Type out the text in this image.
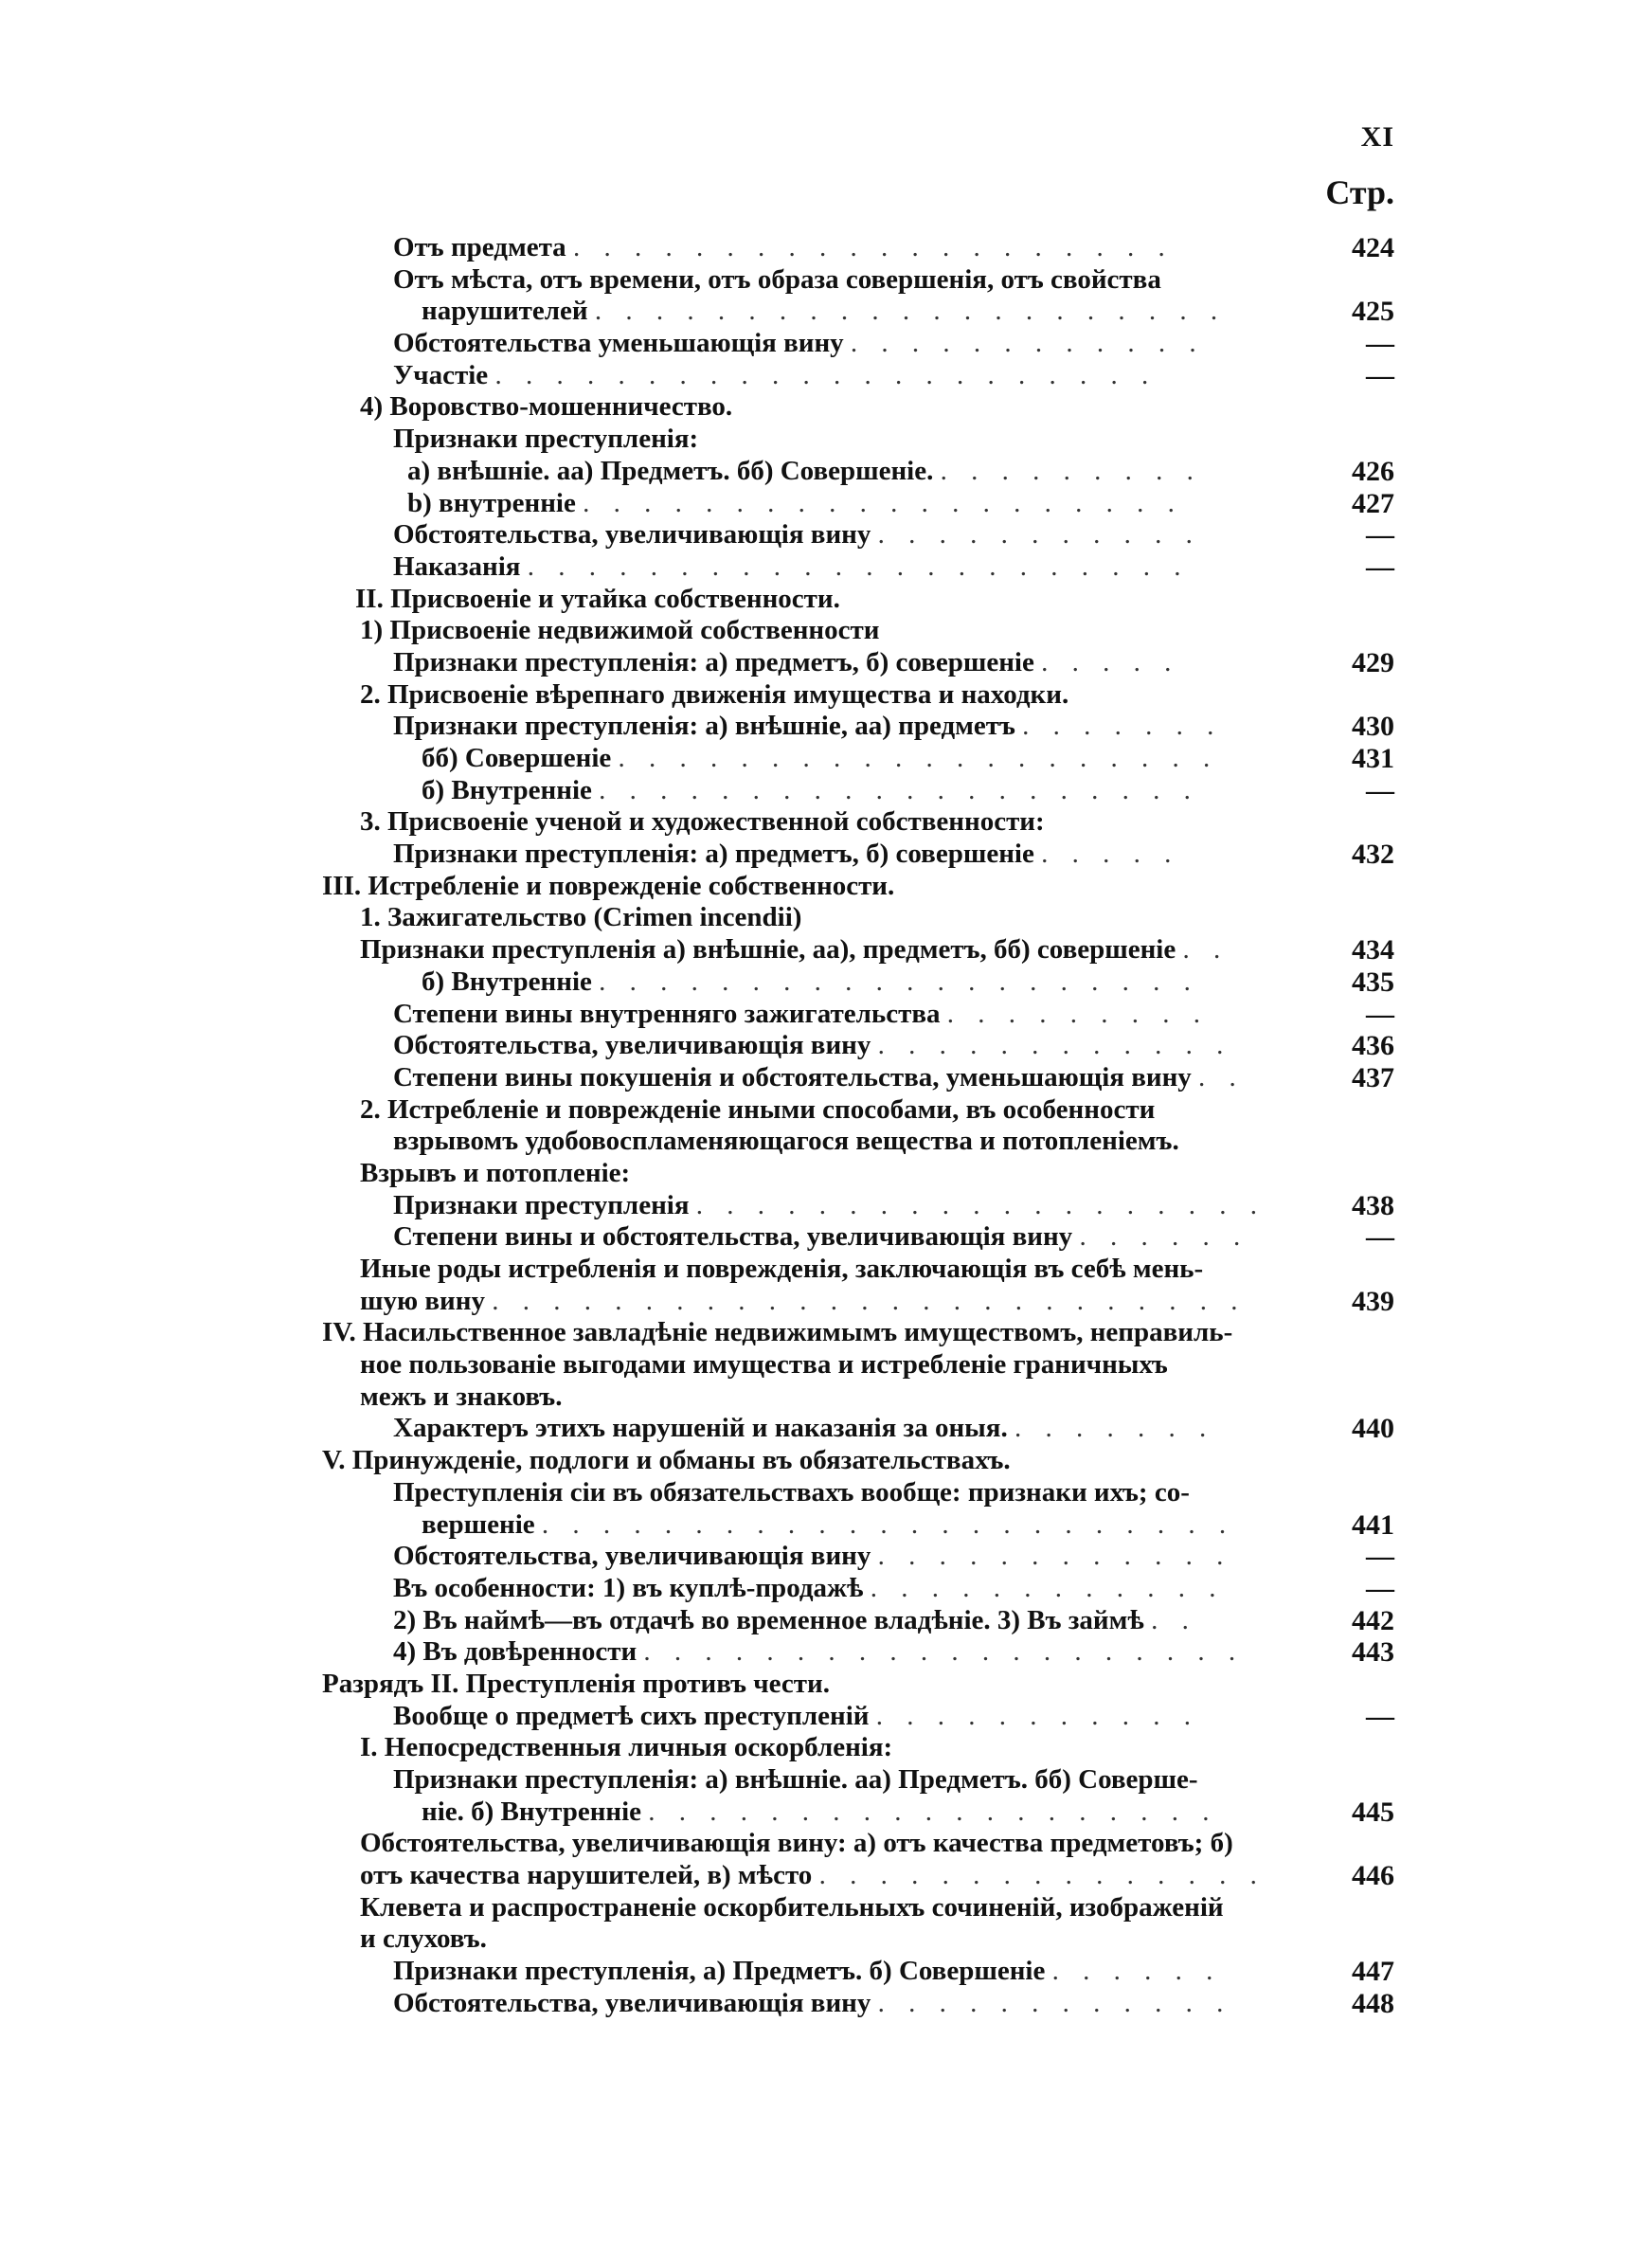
XI
Стр.
Отъ предмета . . . . . . . . . . . . . . . . . . . .	424
Отъ мѣста, отъ времени, отъ образа совершенія, отъ свойства
нарушителей . . . . . . . . . . . . . . . . . . . . .	425
Обстоятельства уменьшающія вину . . . . . . . . . . . .	—
Участіе . . . . . . . . . . . . . . . . . . . . . .	—
4) Воровство-мошенничество.
Признаки преступленія:
а) внѣшніе. аа) Предметъ. бб) Совершеніе. . . . . . . . . .	426
b) внутренніе . . . . . . . . . . . . . . . . . . . .	427
Обстоятельства, увеличивающія вину . . . . . . . . . . .	—
Наказанія . . . . . . . . . . . . . . . . . . . . . .	—
II. Присвоеніе и утайка собственности.
1) Присвоеніе недвижимой собственности
Признаки преступленія: а) предметъ, б) совершеніе . . . . .	429
2. Присвоеніе вѣрепнаго движенія имущества и находки.
Признаки преступленія: а) внѣшніе, аа) предметъ . . . . . . .	430
бб) Совершеніе . . . . . . . . . . . . . . . . . . . .	431
б) Внутренніе . . . . . . . . . . . . . . . . . . . .	—
3. Присвоеніе ученой и художественной собственности:
Признаки преступленія: а) предметъ, б) совершеніе . . . . .	432
III. Истребленіе и поврежденіе собственности.
1. Зажигательство (Crimen incendii)
Признаки преступленія а) внѣшніе, аа), предметъ, бб) совершеніе . .	434
б) Внутренніе . . . . . . . . . . . . . . . . . . . .	435
Степени вины внутренняго зажигательства . . . . . . . . .	—
Обстоятельства, увеличивающія вину . . . . . . . . . . . .	436
Степени вины покушенія и обстоятельства, уменьшающія вину . .	437
2. Истребленіе и поврежденіе иными способами, въ особенности
взрывомъ удобовоспламеняющагося вещества и потопленіемъ.
Взрывъ и потопленіе:
Признаки преступленія . . . . . . . . . . . . . . . . . . .	438
Степени вины и обстоятельства, увеличивающія вину . . . . . .	—
Иные роды истребленія и поврежденія, заключающія въ себѣ мень-
шую вину . . . . . . . . . . . . . . . . . . . . . . . . .	439
IV. Насильственное завладѣніе недвижимымъ имуществомъ, неправиль-
ное пользованіе выгодами имущества и истребленіе граничныхъ
межъ и знаковъ.
Характеръ этихъ нарушеній и наказанія за оныя. . . . . . . .	440
V. Принужденіе, подлоги и обманы въ обязательствахъ.
Преступленія сіи въ обязательствахъ вообще: признаки ихъ; со-
вершеніе . . . . . . . . . . . . . . . . . . . . . . .	441
Обстоятельства, увеличивающія вину . . . . . . . . . . . .	—
Въ особенности: 1) въ куплѣ-продажѣ . . . . . . . . . . . .	—
2) Въ наймѣ—въ отдачѣ во временное владѣніе. 3) Въ займѣ . .	442
4) Въ довѣренности . . . . . . . . . . . . . . . . . . . .	443
Разрядъ II. Преступленія противъ чести.
Вообще о предметѣ сихъ преступленій . . . . . . . . . . .	—
I. Непосредственныя личныя оскорбленія:
Признаки преступленія: а) внѣшніе. аа) Предметъ. бб) Соверше-
ніе. б) Внутренніе . . . . . . . . . . . . . . . . . . .	445
Обстоятельства, увеличивающія вину: а) отъ качества предметовъ; б)
отъ качества нарушителей, в) мѣсто . . . . . . . . . . . . . . .	446
Клевета и распространеніе оскорбительныхъ сочиненій, изображеній
и слуховъ.
Признаки преступленія, а) Предметъ. б) Совершеніе . . . . . .	447
Обстоятельства, увеличивающія вину . . . . . . . . . . . .	448
